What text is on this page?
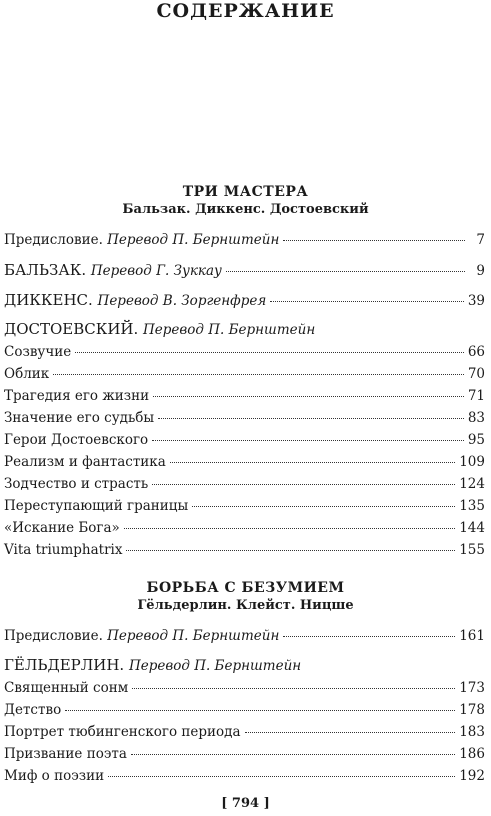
СОДЕРЖАНИЕ
ТРИ МАСТЕРА
Бальзак. Диккенс. Достоевский
Предисловие. Перевод П. Бернштейн	7
БАЛЬЗАК. Перевод Г. Зуккау	9
ДИККЕНС. Перевод В. Зоргенфрея	39
ДОСТОЕВСКИЙ. Перевод П. Бернштейн
Созвучие	66
Облик	70
Трагедия его жизни	71
Значение его судьбы	83
Герои Достоевского	95
Реализм и фантастика	109
Зодчество и страсть	124
Переступающий границы	135
«Искание Бога»	144
Vita triumphatrix	155
БОРЬБА С БЕЗУМИЕМ
Гёльдерлин. Клейст. Ницше
Предисловие. Перевод П. Бернштейн	161
ГЁЛЬДЕРЛИН. Перевод П. Бернштейн
Священный сонм	173
Детство	178
Портрет тюбингенского периода	183
Призвание поэта	186
Миф о поэзии	192
[ 794 ]
